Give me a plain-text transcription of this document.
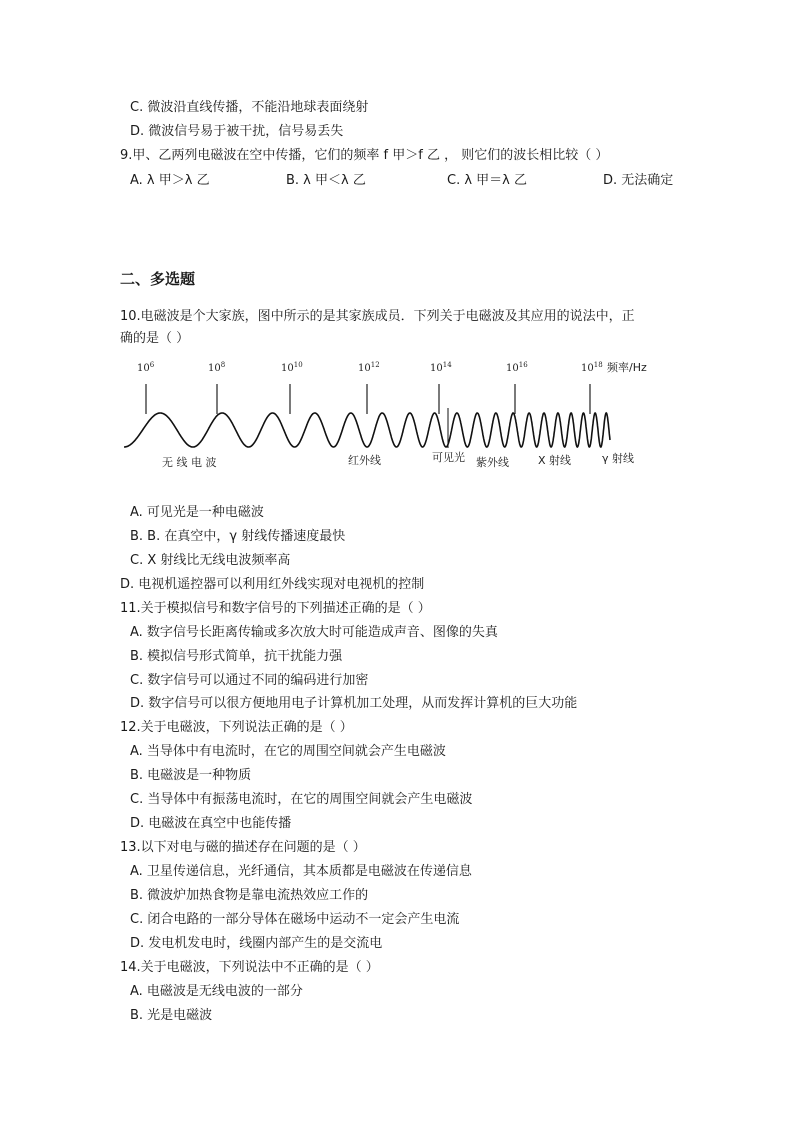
C. 微波沿直线传播，不能沿地球表面绕射
D. 微波信号易于被干扰，信号易丢失
9.甲、乙两列电磁波在空中传播，它们的频率 f 甲＞f 乙 ， 则它们的波长相比较（ ）
A. λ 甲＞λ 乙	B. λ 甲＜λ 乙	C. λ 甲＝λ 乙	D. 无法确定
二、多选题
10.电磁波是个大家族，图中所示的是其家族成员．下列关于电磁波及其应用的说法中，正
确的是（ ）
$10^6$	$10^8$	$10^{10}$	$10^{12}$	$10^{14}$	$10^{16}$	$10^{18}$ 频率/Hz
无 线 电 波	红外线	可见光 紫外线	X 射线	γ 射线
A. 可见光是一种电磁波
B. B. 在真空中，γ 射线传播速度最快
C. X 射线比无线电波频率高
D. 电视机遥控器可以利用红外线实现对电视机的控制
11.关于模拟信号和数字信号的下列描述正确的是（ ）
A. 数字信号长距离传输或多次放大时可能造成声音、图像的失真
B. 模拟信号形式简单，抗干扰能力强
C. 数字信号可以通过不同的编码进行加密
D. 数字信号可以很方便地用电子计算机加工处理，从而发挥计算机的巨大功能
12.关于电磁波，下列说法正确的是（ ）
A. 当导体中有电流时，在它的周围空间就会产生电磁波
B. 电磁波是一种物质
C. 当导体中有振荡电流时，在它的周围空间就会产生电磁波
D. 电磁波在真空中也能传播
13.以下对电与磁的描述存在问题的是（ ）
A. 卫星传递信息，光纤通信，其本质都是电磁波在传递信息
B. 微波炉加热食物是靠电流热效应工作的
C. 闭合电路的一部分导体在磁场中运动不一定会产生电流
D. 发电机发电时，线圈内部产生的是交流电
14.关于电磁波，下列说法中不正确的是（ ）
A. 电磁波是无线电波的一部分
B. 光是电磁波
